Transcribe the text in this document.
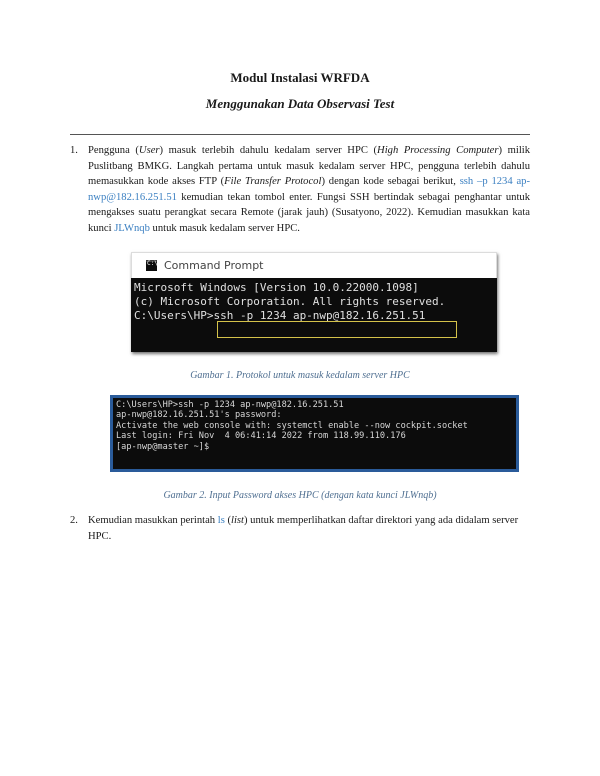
Modul Instalasi WRFDA
Menggunakan Data Observasi Test
1. Pengguna (User) masuk terlebih dahulu kedalam server HPC (High Processing Computer) milik Puslitbang BMKG. Langkah pertama untuk masuk kedalam server HPC, pengguna terlebih dahulu memasukkan kode akses FTP (File Transfer Protocol) dengan kode sebagai berikut, ssh –p 1234 ap-nwp@182.16.251.51 kemudian tekan tombol enter. Fungsi SSH bertindak sebagai penghantar untuk mengakses suatu perangkat secara Remote (jarak jauh) (Susatyono, 2022). Kemudian masukkan kata kunci JLWnqb untuk masuk kedalam server HPC.
C:\ Command Prompt
Microsoft Windows [Version 10.0.22000.1098]
(c) Microsoft Corporation. All rights reserved.
C:\Users\HP>ssh -p 1234 ap-nwp@182.16.251.51
Gambar 1. Protokol untuk masuk kedalam server HPC
C:\Users\HP>ssh -p 1234 ap-nwp@182.16.251.51
ap-nwp@182.16.251.51's password:
Activate the web console with: systemctl enable --now cockpit.socket
Last login: Fri Nov  4 06:41:14 2022 from 118.99.110.176
[ap-nwp@master ~]$
Gambar 2. Input Password akses HPC (dengan kata kunci JLWnqb)
2. Kemudian masukkan perintah ls (list) untuk memperlihatkan daftar direktori yang ada didalam server HPC.
